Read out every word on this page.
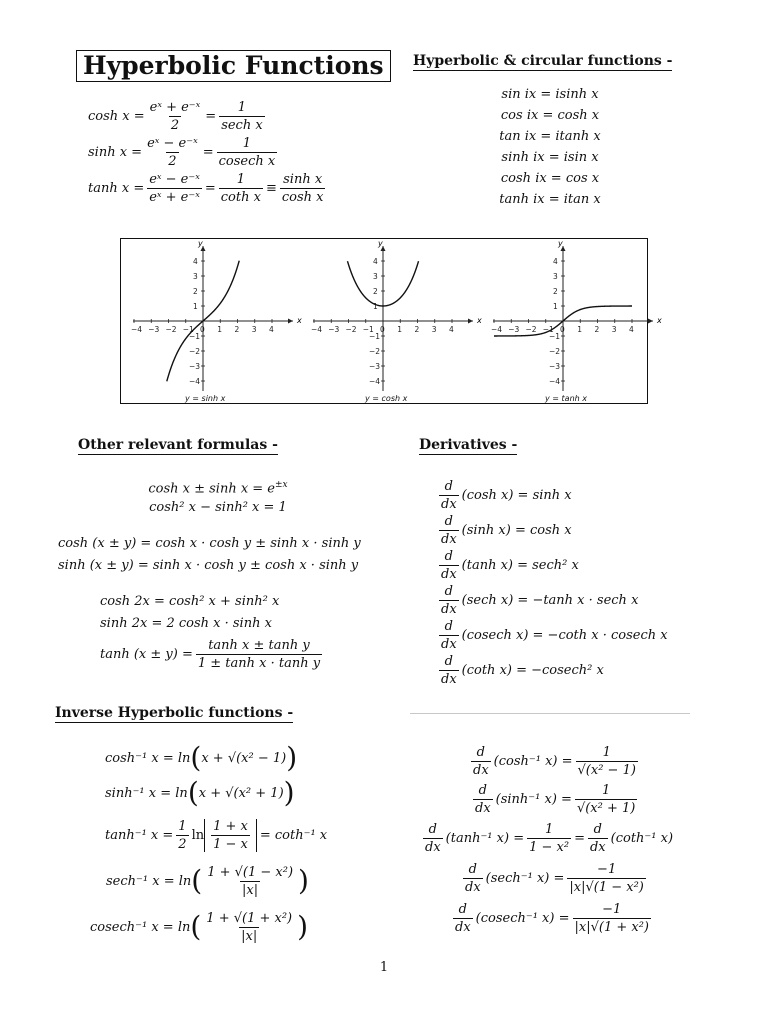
Hyperbolic Functions
$\cosh x = \frac{\text{eˣ + e⁻ˣ}}{2} = \frac{1}{\text{sech x}}$
$\sinh x = \frac{\text{eˣ − e⁻ˣ}}{2} = \frac{1}{\text{cosech x}}$
$\tanh x = \frac{\text{eˣ − e⁻ˣ}}{\text{eˣ + e⁻ˣ}} = \frac{1}{\text{coth x}} \equiv \frac{\text{sinh x}}{\text{cosh x}}$
Hyperbolic & circular functions -
sin ix = isinh x
cos ix = cosh x
tan ix = itanh x
sinh ix = isin x
cosh ix = cos x
tanh ix = itan x
x
y
−4 −3 −2 −1 0 1 2 3 4
4
3
2
1
−1
−2
−3
−4
y = sinh x
x
y
−4 −3 −2 −1 0 1 2 3 4
4
3
2
1
−1
−2
−3
−4
y = cosh x
x
y
−4 −3 −2 −1 0 1 2 3 4
4
3
2
1
−1
−2
−3
−4
y = tanh x
Other relevant formulas -
$\cosh x \pm \sinh x = e^{\pm x}$
cosh² x − sinh² x = 1
cosh (x ± y) = cosh x · cosh y ± sinh x · sinh y
sinh (x ± y) = sinh x · cosh y ± cosh x · sinh y
cosh 2x = cosh² x + sinh² x
sinh 2x = 2 cosh x · sinh x
$\tanh (x \pm y) = \frac{\text{tanh x ± tanh y}}{\text{1 ± tanh x · tanh y}}$
Derivatives -
$\frac{d}{dx} (\cosh$ x) = sinh x
$\frac{d}{dx} (\sinh$ x) = cosh x
$\frac{d}{dx} (\tanh$ x) = sech² x
$\frac{d}{dx} (\sec h$ x) = −tanh x · sech x
$\frac{d}{dx} (cosech$ x) = −coth x · cosech x
$\frac{d}{dx} (\cot h$ x) = −cosech² x
Inverse Hyperbolic functions -
cosh⁻¹ x = ln ( x + √(x² − 1) )
sinh⁻¹ x = ln ( x + √(x² + 1) )
tanh⁻¹ $x = \frac{1}{2}$ $\ln \frac{1 + x}{1 - x} = \cot h^{-1}$ x
sech⁻¹ x = ln ( $\frac{\text{1 + √(1 − x²)}}{|x|}$ )
cosech⁻¹ x = ln ( $\frac{\text{1 + √(1 + x²)}}{|x|}$ )
$\frac{d}{dx} (\cosh^{-1}$ $x) = \frac{1}{\text{√(x² − 1)}}$
$\frac{d}{dx} (\sinh^{-1}$ $x) = \frac{1}{\text{√(x² + 1)}}$
$\frac{d}{dx} (\tanh^{-1}$ $x) = \frac{1}{\text{1 − x²}} = \frac{d}{dx} (\cot h^{-1}$ x)
$\frac{d}{dx} (\sec h^{-1}$ $x) = \frac{-1}{\text{|x|√(1 − x²)}}$
$\frac{d}{dx} (cosech^{-1}$ $x) = \frac{-1}{\text{|x|√(1 + x²)}}$
1
